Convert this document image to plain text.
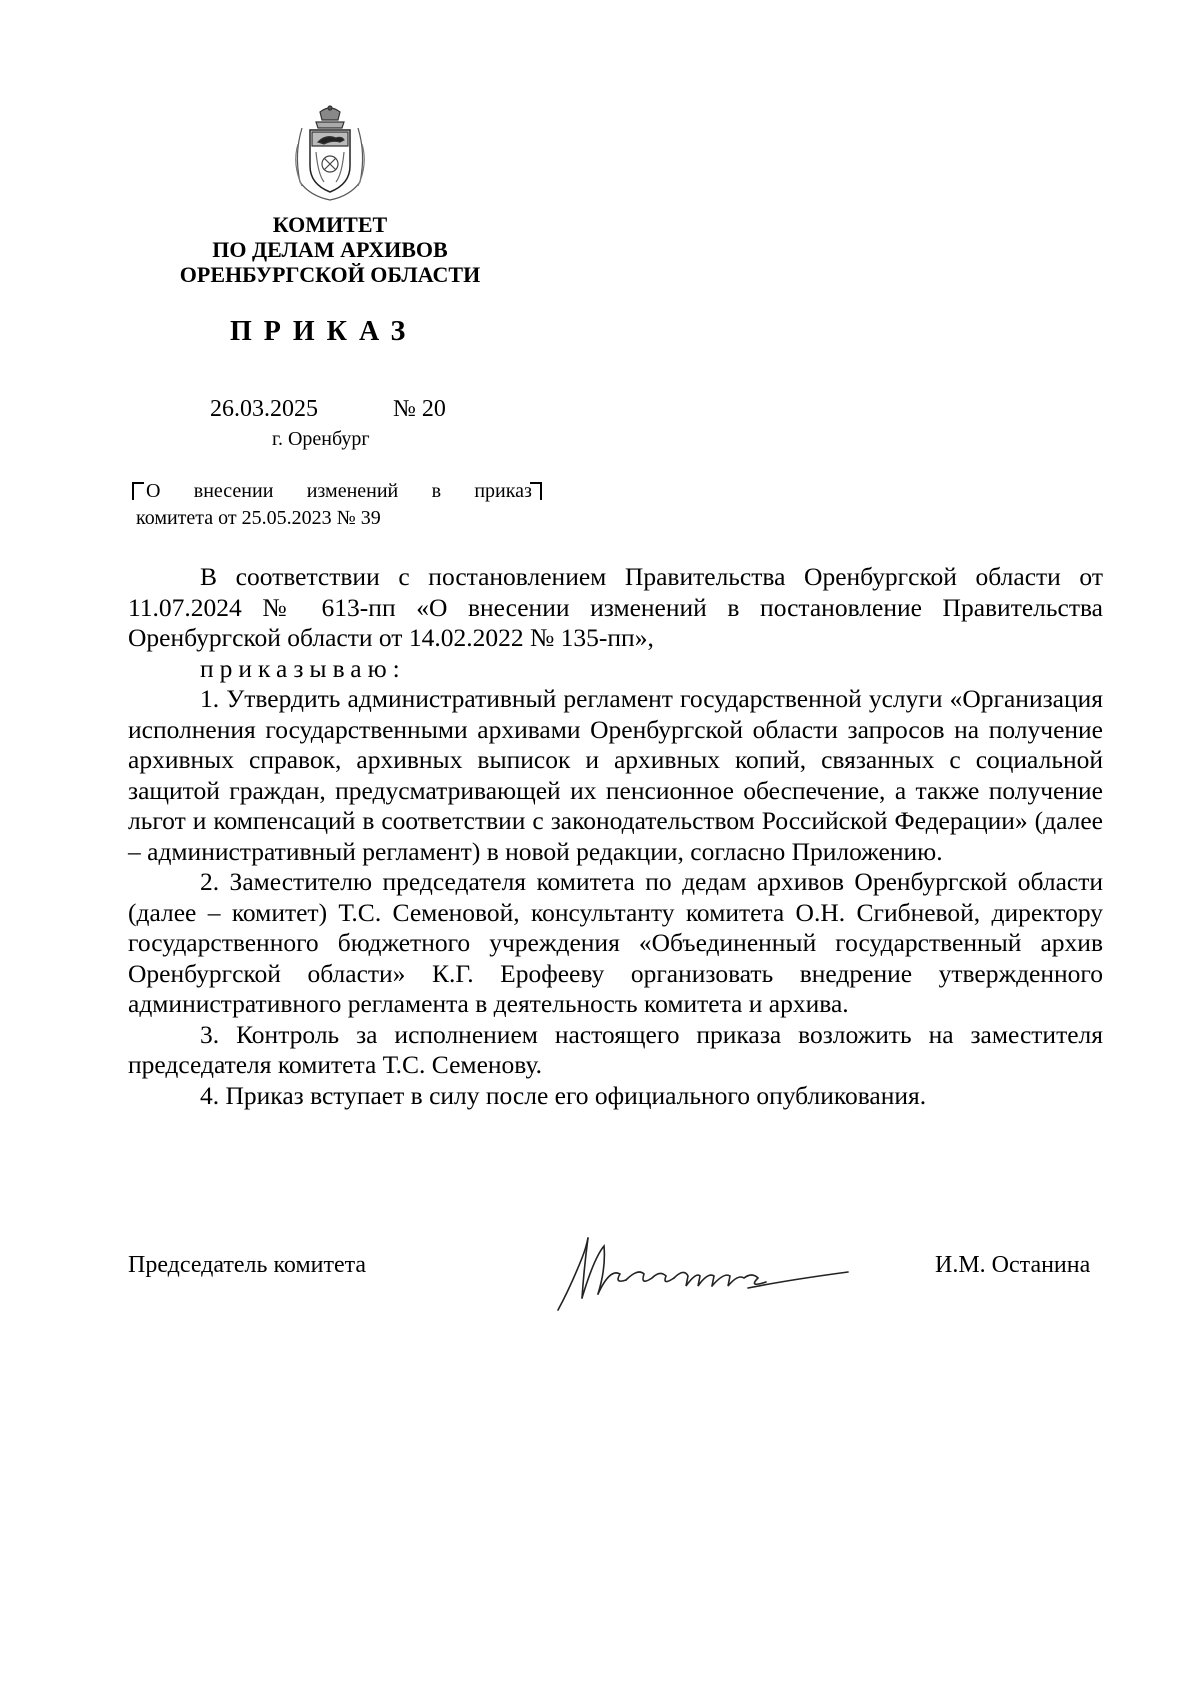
КОМИТЕТ
ПО ДЕЛАМ АРХИВОВ
ОРЕНБУРГСКОЙ ОБЛАСТИ
ПРИКАЗ
26.03.2025	№ 20
г. Оренбург
О внесении изменений в приказ
комитета от 25.05.2023 № 39

В соответствии с постановлением Правительства Оренбургской области от 11.07.2024 № 613-пп «О внесении изменений в постановление Правительства Оренбургской области от 14.02.2022 № 135-пп»,

приказываю:

1. Утвердить административный регламент государственной услуги «Организация исполнения государственными архивами Оренбургской области запросов на получение архивных справок, архивных выписок и архивных копий, связанных с социальной защитой граждан, предусматривающей их пенсионное обеспечение, а также получение льгот и компенсаций в соответствии с законодательством Российской Федерации» (далее – административный регламент) в новой редакции, согласно Приложению.

2. Заместителю председателя комитета по дедам архивов Оренбургской области (далее – комитет) Т.С. Семеновой, консультанту комитета О.Н. Сгибневой, директору государственного бюджетного учреждения «Объединенный государственный архив Оренбургской области» К.Г. Ерофееву организовать внедрение утвержденного административного регламента в деятельность комитета и архива.

3. Контроль за исполнением настоящего приказа возложить на заместителя председателя комитета Т.С. Семенову.

4. Приказ вступает в силу после его официального опубликования.

Председатель комитета	И.М. Останина
